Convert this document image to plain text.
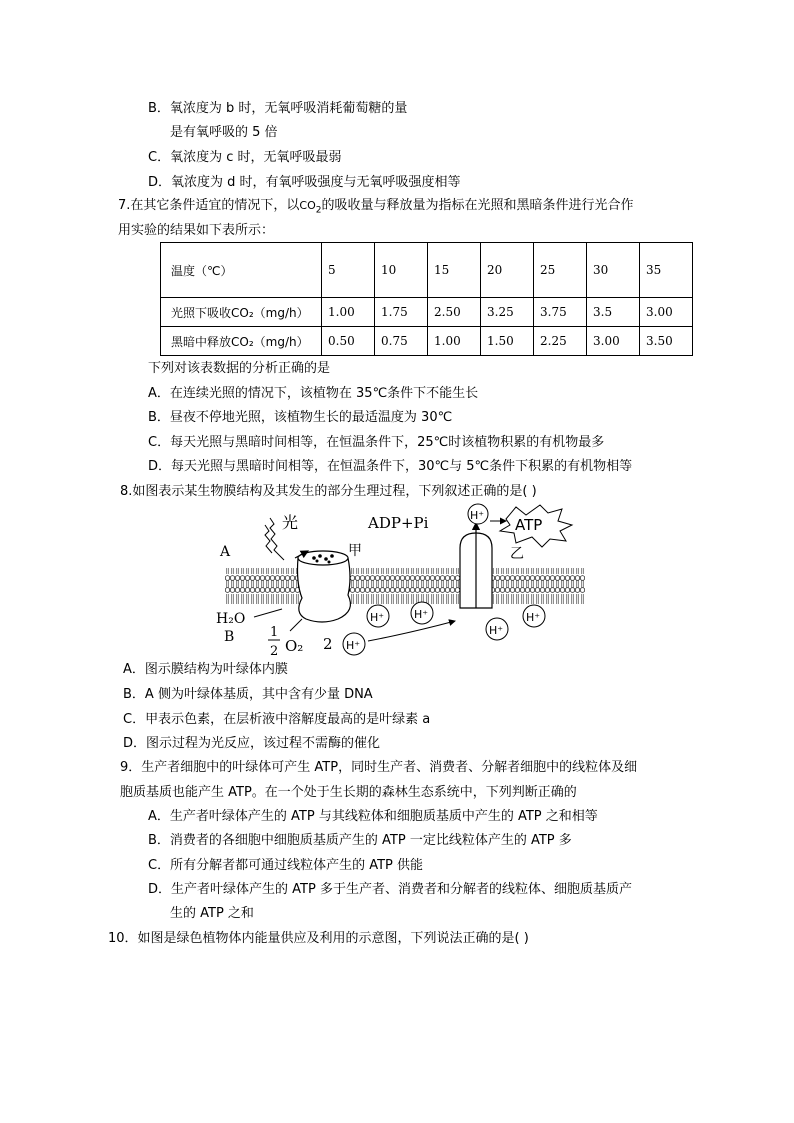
B．氧浓度为 b 时，无氧呼吸消耗葡萄糖的量
是有氧呼吸的 5 倍
C．氧浓度为 c 时，无氧呼吸最弱
D．氧浓度为 d 时，有氧呼吸强度与无氧呼吸强度相等
7.在其它条件适宜的情况下，以$CO_2$的吸收量与释放量为指标在光照和黑暗条件进行光合作
用实验的结果如下表所示：
温度（℃）	5	10	15	20	25	30	35
光照下吸收CO₂（mg/h）	1.00	1.75	2.50	3.25	3.75	3.5	3.00
黑暗中释放CO₂（mg/h）	0.50	0.75	1.00	1.50	2.25	3.00	3.50
下列对该表数据的分析正确的是
A．在连续光照的情况下，该植物在 35℃条件下不能生长
B．昼夜不停地光照，该植物生长的最适温度为 30℃
C．每天光照与黑暗时间相等，在恒温条件下，25℃时该植物积累的有机物最多
D．每天光照与黑暗时间相等，在恒温条件下，30℃与 5℃条件下积累的有机物相等
8.如图表示某生物膜结构及其发生的部分生理过程，下列叙述正确的是( )
ATP
ADP+Pi
光
A	甲	乙
H⁺
H₂O
B	1
2 O₂ 2
H⁺	H⁺
H⁺
H⁺
H⁺
A．图示膜结构为叶绿体内膜
B．A 侧为叶绿体基质，其中含有少量 DNA
C．甲表示色素，在层析液中溶解度最高的是叶绿素 a
D．图示过程为光反应，该过程不需酶的催化
9．生产者细胞中的叶绿体可产生 ATP，同时生产者、消费者、分解者细胞中的线粒体及细
胞质基质也能产生 ATP。在一个处于生长期的森林生态系统中，下列判断正确的
A．生产者叶绿体产生的 ATP 与其线粒体和细胞质基质中产生的 ATP 之和相等
B．消费者的各细胞中细胞质基质产生的 ATP 一定比线粒体产生的 ATP 多
C．所有分解者都可通过线粒体产生的 ATP 供能
D．生产者叶绿体产生的 ATP 多于生产者、消费者和分解者的线粒体、细胞质基质产
生的 ATP 之和
10．如图是绿色植物体内能量供应及利用的示意图，下列说法正确的是( )
